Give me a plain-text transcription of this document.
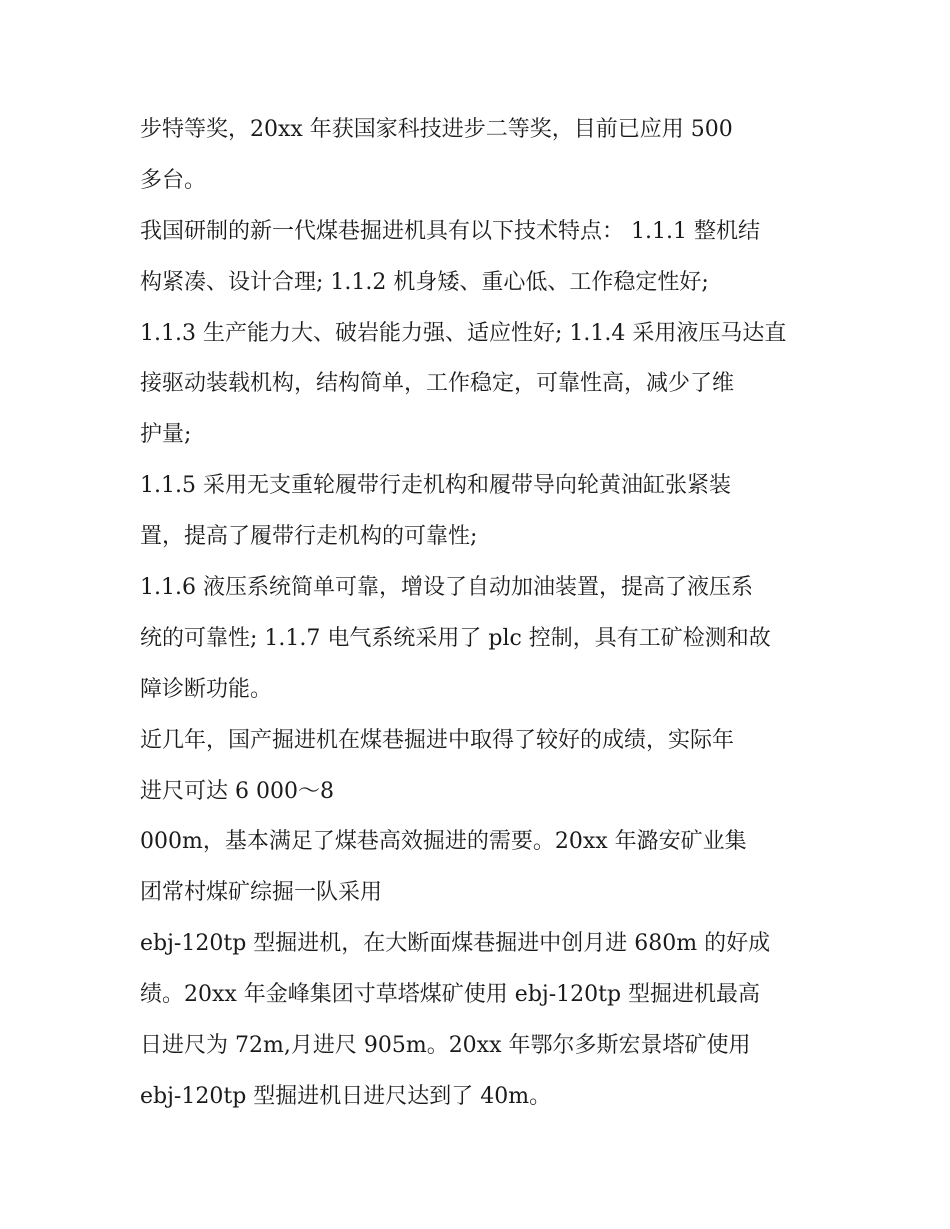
步特等奖，20xx 年获国家科技进步二等奖，目前已应用 500
多台。
我国研制的新一代煤巷掘进机具有以下技术特点： 1.1.1 整机结
构紧凑、设计合理; 1.1.2 机身矮、重心低、工作稳定性好;
1.1.3 生产能力大、破岩能力强、适应性好; 1.1.4 采用液压马达直
接驱动装载机构，结构简单，工作稳定，可靠性高，减少了维
护量;
1.1.5 采用无支重轮履带行走机构和履带导向轮黄油缸张紧装
置，提高了履带行走机构的可靠性;
1.1.6 液压系统简单可靠，增设了自动加油装置，提高了液压系
统的可靠性; 1.1.7 电气系统采用了 plc 控制，具有工矿检测和故
障诊断功能。
近几年，国产掘进机在煤巷掘进中取得了较好的成绩，实际年
进尺可达 6 000～8
000m，基本满足了煤巷高效掘进的需要。20xx 年潞安矿业集
团常村煤矿综掘一队采用
ebj-120tp 型掘进机，在大断面煤巷掘进中创月进 680m 的好成
绩。20xx 年金峰集团寸草塔煤矿使用 ebj-120tp 型掘进机最高
日进尺为 72m,月进尺 905m。20xx 年鄂尔多斯宏景塔矿使用
ebj-120tp 型掘进机日进尺达到了 40m。
